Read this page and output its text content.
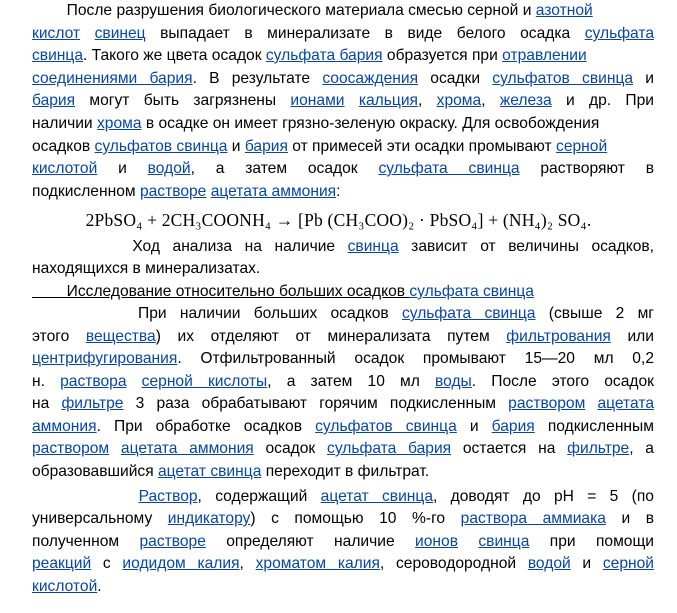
2PbSO₄ + 2CH₃COONH₄ → [Pb (CH₃COO)₂ · PbSO₄] + (NH₄)₂ SO₄.
После разрушения биологического материала смесью серной и азотной
кислот свинец выпадает в минерализате в виде белого осадка сульфата
свинца. Такого же цвета осадок сульфата бария образуется при отравлении
соединениями бария. В результате соосаждения осадки сульфатов свинца и
бария могут быть загрязнены ионами кальция, хрома, железа и др. При
наличии хрома в осадке он имеет грязно-зеленую окраску. Для освобождения
осадков сульфатов свинца и бария от примесей эти осадки промывают серной
кислотой и водой, а затем осадок сульфата свинца растворяют в
подкисленном растворе ацетата аммония:
Ход анализа на наличие свинца зависит от величины осадков,
находящихся в минерализатах.
Исследование относительно больших осадков сульфата свинца
При наличии больших осадков сульфата свинца (свыше 2 мг
этого вещества) их отделяют от минерализата путем фильтрования или
центрифугирования. Отфильтрованный осадок промывают 15—20 мл 0,2
н. раствора серной кислоты, а затем 10 мл воды. После этого осадок
на фильтре 3 раза обрабатывают горячим подкисленным раствором ацетата
аммония. При обработке осадков сульфатов свинца и бария подкисленным
раствором ацетата аммония осадок сульфата бария остается на фильтре, а
образовавшийся ацетат свинца переходит в фильтрат.
Раствор, содержащий ацетат свинца, доводят до pH = 5 (по
универсальному индикатору) с помощью 10 %-го раствора аммиака и в
полученном растворе определяют наличие ионов свинца при помощи
реакций с иодидом калия, хроматом калия, сероводородной водой и серной
кислотой.
